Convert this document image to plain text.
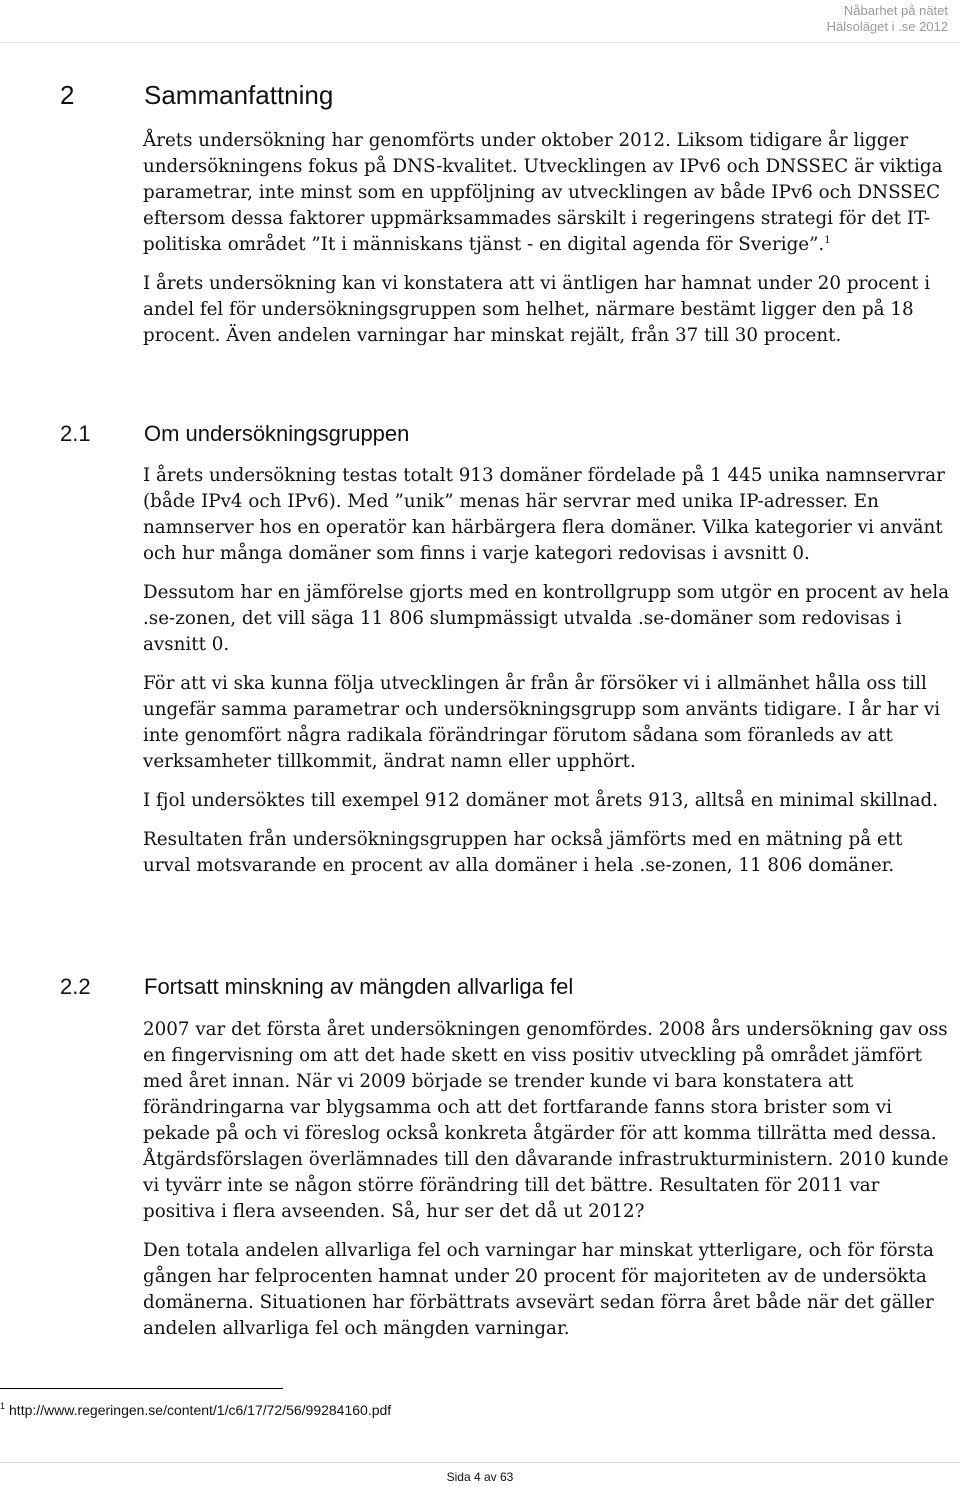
Nåbarhet på nätet
Hälsoläget i .se 2012
2	Sammanfattning

Årets undersökning har genomförts under oktober 2012. Liksom tidigare år ligger undersökningens fokus på DNS-kvalitet. Utvecklingen av IPv6 och DNSSEC är viktiga parametrar, inte minst som en uppföljning av utvecklingen av både IPv6 och DNSSEC eftersom dessa faktorer uppmärksammades särskilt i regeringens strategi för det IT-politiska området ”It i människans tjänst - en digital agenda för Sverige”.$^1$

I årets undersökning kan vi konstatera att vi äntligen har hamnat under 20 procent i andel fel för undersökningsgruppen som helhet, närmare bestämt ligger den på 18 procent. Även andelen varningar har minskat rejält, från 37 till 30 procent.

2.1 Om undersökningsgruppen

I årets undersökning testas totalt 913 domäner fördelade på 1 445 unika namnservrar (både IPv4 och IPv6). Med ”unik” menas här servrar med unika IP-adresser. En namnserver hos en operatör kan härbärgera flera domäner. Vilka kategorier vi använt och hur många domäner som finns i varje kategori redovisas i avsnitt 0.

Dessutom har en jämförelse gjorts med en kontrollgrupp som utgör en procent av hela .se-zonen, det vill säga 11 806 slumpmässigt utvalda .se-domäner som redovisas i avsnitt 0.

För att vi ska kunna följa utvecklingen år från år försöker vi i allmänhet hålla oss till ungefär samma parametrar och undersökningsgrupp som använts tidigare. I år har vi inte genomfört några radikala förändringar förutom sådana som föranleds av att verksamheter tillkommit, ändrat namn eller upphört.

I fjol undersöktes till exempel 912 domäner mot årets 913, alltså en minimal skillnad.

Resultaten från undersökningsgruppen har också jämförts med en mätning på ett urval motsvarande en procent av alla domäner i hela .se-zonen, 11 806 domäner.

2.2 Fortsatt minskning av mängden allvarliga fel

2007 var det första året undersökningen genomfördes. 2008 års undersökning gav oss en fingervisning om att det hade skett en viss positiv utveckling på området jämfört med året innan. När vi 2009 började se trender kunde vi bara konstatera att förändringarna var blygsamma och att det fortfarande fanns stora brister som vi pekade på och vi föreslog också konkreta åtgärder för att komma tillrätta med dessa. Åtgärdsförslagen överlämnades till den dåvarande infrastrukturministern. 2010 kunde vi tyvärr inte se någon större förändring till det bättre. Resultaten för 2011 var positiva i flera avseenden. Så, hur ser det då ut 2012?

Den totala andelen allvarliga fel och varningar har minskat ytterligare, och för första gången har felprocenten hamnat under 20 procent för majoriteten av de undersökta domänerna. Situationen har förbättrats avsevärt sedan förra året både när det gäller andelen allvarliga fel och mängden varningar.

$^1$ http://www.regeringen.se/content/1/c6/17/72/56/99284160.pdf
Sida 4 av 63
